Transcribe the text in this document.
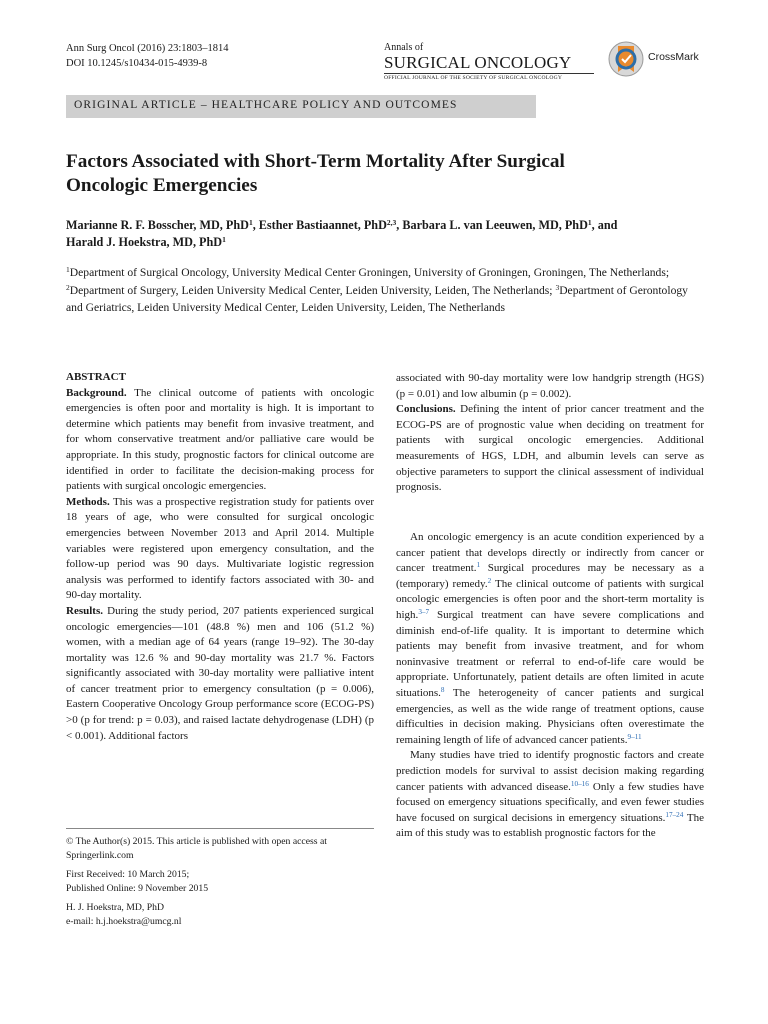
Ann Surg Oncol (2016) 23:1803–1814
DOI 10.1245/s10434-015-4939-8
Annals of
SURGICAL ONCOLOGY
OFFICIAL JOURNAL OF THE SOCIETY OF SURGICAL ONCOLOGY
CrossMark
ORIGINAL ARTICLE – HEALTHCARE POLICY AND OUTCOMES
Factors Associated with Short-Term Mortality After Surgical
Oncologic Emergencies
Marianne R. F. Bosscher, MD, PhD$^1$, Esther Bastiaannet, PhD$^{2,3}$, Barbara L. van Leeuwen, MD, PhD$^1$, and
Harald J. Hoekstra, MD, PhD$^1$
$^1$Department of Surgical Oncology, University Medical Center Groningen, University of Groningen, Groningen, The Netherlands; $^2$Department of Surgery, Leiden University Medical Center, Leiden University, Leiden, The Netherlands; $^3$Department of Gerontology and Geriatrics, Leiden University Medical Center, Leiden University, Leiden, The Netherlands

ABSTRACT

Background. The clinical outcome of patients with oncologic emergencies is often poor and mortality is high. It is important to determine which patients may benefit from invasive treatment, and for whom conservative treatment and/or palliative care would be appropriate. In this study, prognostic factors for clinical outcome are identified in order to facilitate the decision-making process for patients with surgical oncologic emergencies.

Methods. This was a prospective registration study for patients over 18 years of age, who were consulted for surgical oncologic emergencies between November 2013 and April 2014. Multiple variables were registered upon emergency consultation, and the follow-up period was 90 days. Multivariate logistic regression analysis was performed to identify factors associated with 30- and 90-day mortality.

Results. During the study period, 207 patients experienced surgical oncologic emergencies—101 (48.8 %) men and 106 (51.2 %) women, with a median age of 64 years (range 19–92). The 30-day mortality was 12.6 % and 90-day mortality was 21.7 %. Factors significantly associated with 30-day mortality were palliative intent of cancer treatment prior to emergency consultation (p = 0.006), Eastern Cooperative Oncology Group performance score (ECOG-PS) >0 (p for trend: p = 0.03), and raised lactate dehydrogenase (LDH) (p < 0.001). Additional factors

associated with 90-day mortality were low handgrip strength (HGS) (p = 0.01) and low albumin (p = 0.002).

Conclusions. Defining the intent of prior cancer treatment and the ECOG-PS are of prognostic value when deciding on treatment for patients with surgical oncologic emergencies. Additional measurements of HGS, LDH, and albumin levels can serve as objective parameters to support the clinical assessment of individual prognosis.

An oncologic emergency is an acute condition experienced by a cancer patient that develops directly or indirectly from cancer or cancer treatment.$^1$ Surgical procedures may be necessary as a (temporary) remedy.$^2$ The clinical outcome of patients with surgical oncologic emergencies is often poor and the short-term mortality is high.$^{3-7}$ Surgical treatment can have severe complications and diminish end-of-life quality. It is important to determine which patients may benefit from invasive treatment, and for whom noninvasive treatment or referral to end-of-life care would be appropriate. Unfortunately, patient details are often limited in acute situations.$^8$ The heterogeneity of cancer patients and surgical emergencies, as well as the wide range of treatment options, cause difficulties in decision making. Physicians often overestimate the remaining length of life of advanced cancer patients.$^{9-11}$

Many studies have tried to identify prognostic factors and create prediction models for survival to assist decision making regarding cancer patients with advanced disease.$^{10-16}$ Only a few studies have focused on emergency situations specifically, and even fewer studies have focused on surgical decisions in emergency situations.$^{17-24}$ The aim of this study was to establish prognostic factors for the

© The Author(s) 2015. This article is published with open access at Springerlink.com

First Received: 10 March 2015;

Published Online: 9 November 2015

H. J. Hoekstra, MD, PhD

e-mail: h.j.hoekstra@umcg.nl
